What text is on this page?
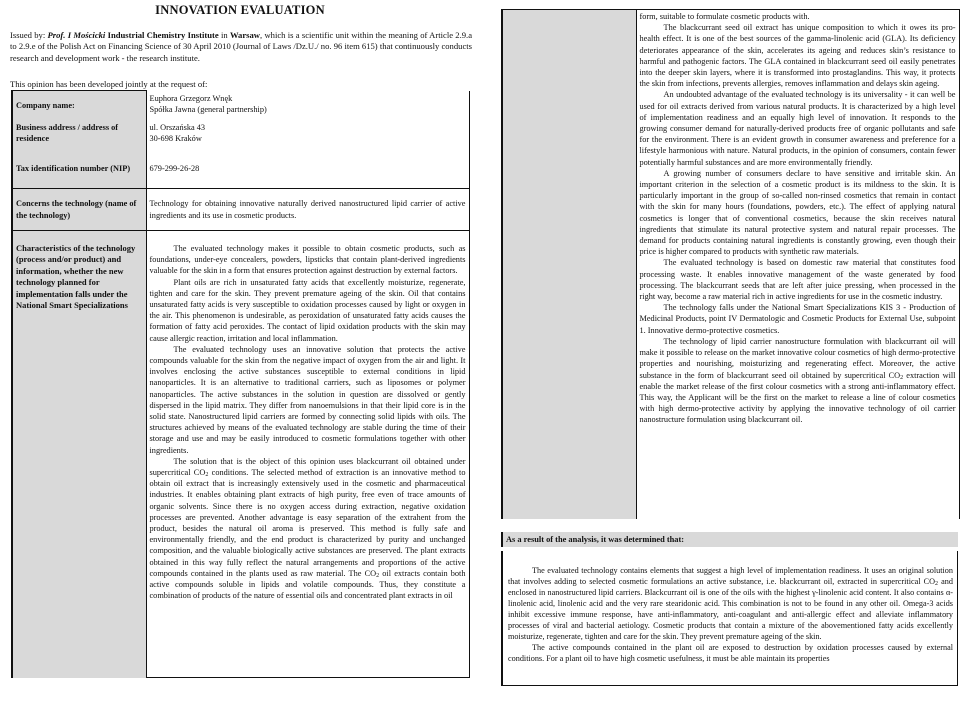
INNOVATION EVALUATION
Issued by: Prof. I Mościcki Industrial Chemistry Institute in Warsaw, which is a scientific unit within the meaning of Article 2.9.a to 2.9.e of the Polish Act on Financing Science of 30 April 2010 (Journal of Laws /Dz.U./ no. 96 item 615) that continuously conducts research and development work - the research institute.
This opinion has been developed jointly at the request of:
Company name:	Euphora Grzegorz Wnęk
Spółka Jawna (general partnership)

Business address / address of residence	ul. Orszańska 43
30-698 Kraków

Tax identification number (NIP)	679-299-26-28
Concerns the technology (name of the technology)	Technology for obtaining innovative naturally derived nanostructured lipid carrier of active ingredients and its use in cosmetic products.
Characteristics of the technology (process and/or product) and information, whether the new technology planned for implementation falls under the National Smart Specializations	The evaluated technology makes it possible to obtain cosmetic products, such as foundations, under-eye concealers, powders, lipsticks that contain plant-derived ingredients valuable for the skin in a form that ensures protection against destruction by external factors.

Plant oils are rich in unsaturated fatty acids that excellently moisturize, regenerate, tighten and care for the skin. They prevent premature ageing of the skin. Oil that contains unsaturated fatty acids is very susceptible to oxidation processes caused by light or oxygen in the air. This phenomenon is undesirable, as peroxidation of unsaturated fatty acids causes the formation of fatty acid peroxides. The contact of lipid oxidation products with the skin may cause allergic reaction, irritation and local inflammation.

The evaluated technology uses an innovative solution that protects the active compounds valuable for the skin from the negative impact of oxygen from the air and light. It involves enclosing the active substances susceptible to external conditions in lipid nanoparticles. It is an alternative to traditional carriers, such as liposomes or polymer nanoparticles. The active substances in the solution in question are dissolved or gently dispersed in the lipid matrix. They differ from nanoemulsions in that their lipid core is in the solid state. Nanostructured lipid carriers are formed by connecting solid lipids with oils. The structures achieved by means of the evaluated technology are stable during the time of their storage and use and may be easily introduced to cosmetic formulations together with other ingredients.

The solution that is the object of this opinion uses blackcurrant oil obtained under supercritical $CO_2$ conditions. The selected method of extraction is an innovative method to obtain oil extract that is increasingly extensively used in the cosmetic and pharmaceutical industries. It enables obtaining plant extracts of high purity, free even of trace amounts of organic solvents. Since there is no oxygen access during extraction, negative oxidation processes are prevented. Another advantage is easy separation of the extrahent from the product, besides the natural oil aroma is preserved. This method is fully safe and environmentally friendly, and the end product is characterized by purity and unchanged composition, and the valuable biologically active substances are preserved. The plant extracts obtained in this way fully reflect the natural arrangements and proportions of the active compounds contained in the plants used as raw material. The $CO_2$ oil extracts contain both active compounds soluble in lipids and volatile compounds. Thus, they constitute a combination of products of the nature of essential oils and concentrated plant extracts in oil

form, suitable to formulate cosmetic products with.

The blackcurrant seed oil extract has unique composition to which it owes its pro-health effect. It is one of the best sources of the gamma-linolenic acid (GLA). Its deficiency deteriorates appearance of the skin, accelerates its ageing and reduces skin’s resistance to harmful and pathogenic factors. The GLA contained in blackcurrant seed oil easily penetrates into the deeper skin layers, where it is transformed into prostaglandins. This way, it protects the skin from infections, prevents allergies, removes inflammation and delays skin ageing.

An undoubted advantage of the evaluated technology is its universality - it can well be used for oil extracts derived from various natural products. It is characterized by a high level of implementation readiness and an equally high level of innovation. It responds to the growing consumer demand for naturally-derived products free of organic pollutants and safe for the environment. There is an evident growth in consumer awareness and preference for a lifestyle harmonious with nature. Natural products, in the opinion of consumers, contain fewer potentially harmful substances and are more environmentally friendly.

A growing number of consumers declare to have sensitive and irritable skin. An important criterion in the selection of a cosmetic product is its mildness to the skin. It is particularly important in the group of so-called non-rinsed cosmetics that remain in contact with the skin for many hours (foundations, powders, etc.). The effect of applying natural cosmetics is longer that of conventional cosmetics, because the skin receives natural ingredients that stimulate its natural protective system and natural repair processes. The demand for products containing natural ingredients is constantly growing, even though their price is higher compared to products with synthetic raw materials.

The evaluated technology is based on domestic raw material that constitutes food processing waste. It enables innovative management of the waste generated by food processing. The blackcurrant seeds that are left after juice pressing, when processed in the right way, become a raw material rich in active ingredients for use in the cosmetic industry.

The technology falls under the National Smart Specializations KIS 3 - Production of Medicinal Products, point IV Dermatologic and Cosmetic Products for External Use, subpoint 1. Innovative dermo-protective cosmetics.

The technology of lipid carrier nanostructure formulation with blackcurrant oil will make it possible to release on the market innovative colour cosmetics of high dermo-protective properties and nourishing, moisturizing and regenerating effect. Moreover, the active substance in the form of blackcurrant seed oil obtained by supercritical $CO_2$ extraction will enable the market release of the first colour cosmetics with a strong anti-inflammatory effect. This way, the Applicant will be the first on the market to release a line of colour cosmetics with high dermo-protective activity by applying the innovative technology of oil carrier nanostructure formulation using blackcurrant oil.

As a result of the analysis, it was determined that:

The evaluated technology contains elements that suggest a high level of implementation readiness. It uses an original solution that involves adding to selected cosmetic formulations an active substance, i.e. blackcurrant oil, extracted in supercritical $CO_2$ and enclosed in nanostructured lipid carriers. Blackcurrant oil is one of the oils with the highest γ-linolenic acid content. It also contains α-linolenic acid, linolenic acid and the very rare stearidonic acid. This combination is not to be found in any other oil. Omega-3 acids inhibit excessive immune response, have anti-inflammatory, anti-coagulant and anti-allergic effect and alleviate inflammatory processes of viral and bacterial aetiology. Cosmetic products that contain a mixture of the abovementioned fatty acids excellently moisturize, regenerate, tighten and care for the skin. They prevent premature ageing of the skin.

The active compounds contained in the plant oil are exposed to destruction by oxidation processes caused by external conditions. For a plant oil to have high cosmetic usefulness, it must be able maintain its properties
